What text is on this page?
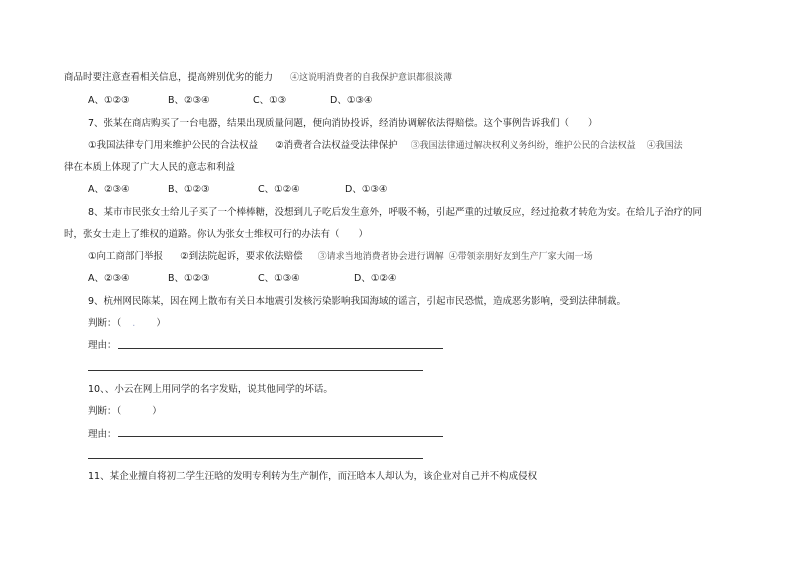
商品时要注意查看相关信息，提高辨别优劣的能力 ④这说明消费者的自我保护意识都很淡薄
A、①②③	B、②③④	C、①③	D、①③④
7、张某在商店购买了一台电器，结果出现质量问题，便向消协投诉，经消协调解依法得赔偿。这个事例告诉我们（　　）
①我国法律专门用来维护公民的合法权益 ②消费者合法权益受法律保护 ③我国法律通过解决权利义务纠纷，维护公民的合法权益 ④我国法
律在本质上体现了广大人民的意志和利益
A、②③④	B、①②③	C、①②④	D、①③④
8、某市市民张女士给儿子买了一个棒棒糖，没想到儿子吃后发生意外，呼吸不畅，引起严重的过敏反应，经过抢救才转危为安。在给儿子治疗的同
时，张女士走上了维权的道路。你认为张女士维权可行的办法有（　　）
①向工商部门举报 ②到法院起诉，要求依法赔偿 ③请求当地消费者协会进行调解 ④带领亲朋好友到生产厂家大闹一场
A、②③④	B、①②③	C、①③④	D、①②④
9、杭州网民陈某，因在网上散布有关日本地震引发核污染影响我国海域的谣言，引起市民恐慌，造成恶劣影响，受到法律制裁。
判断：（ . ）
理由：
10、、小云在网上用同学的名字发贴，说其他同学的坏话。
判断：（	）
理由：
11、某企业擅自将初二学生汪晗的发明专利转为生产制作，而汪晗本人却认为，该企业对自己并不构成侵权
